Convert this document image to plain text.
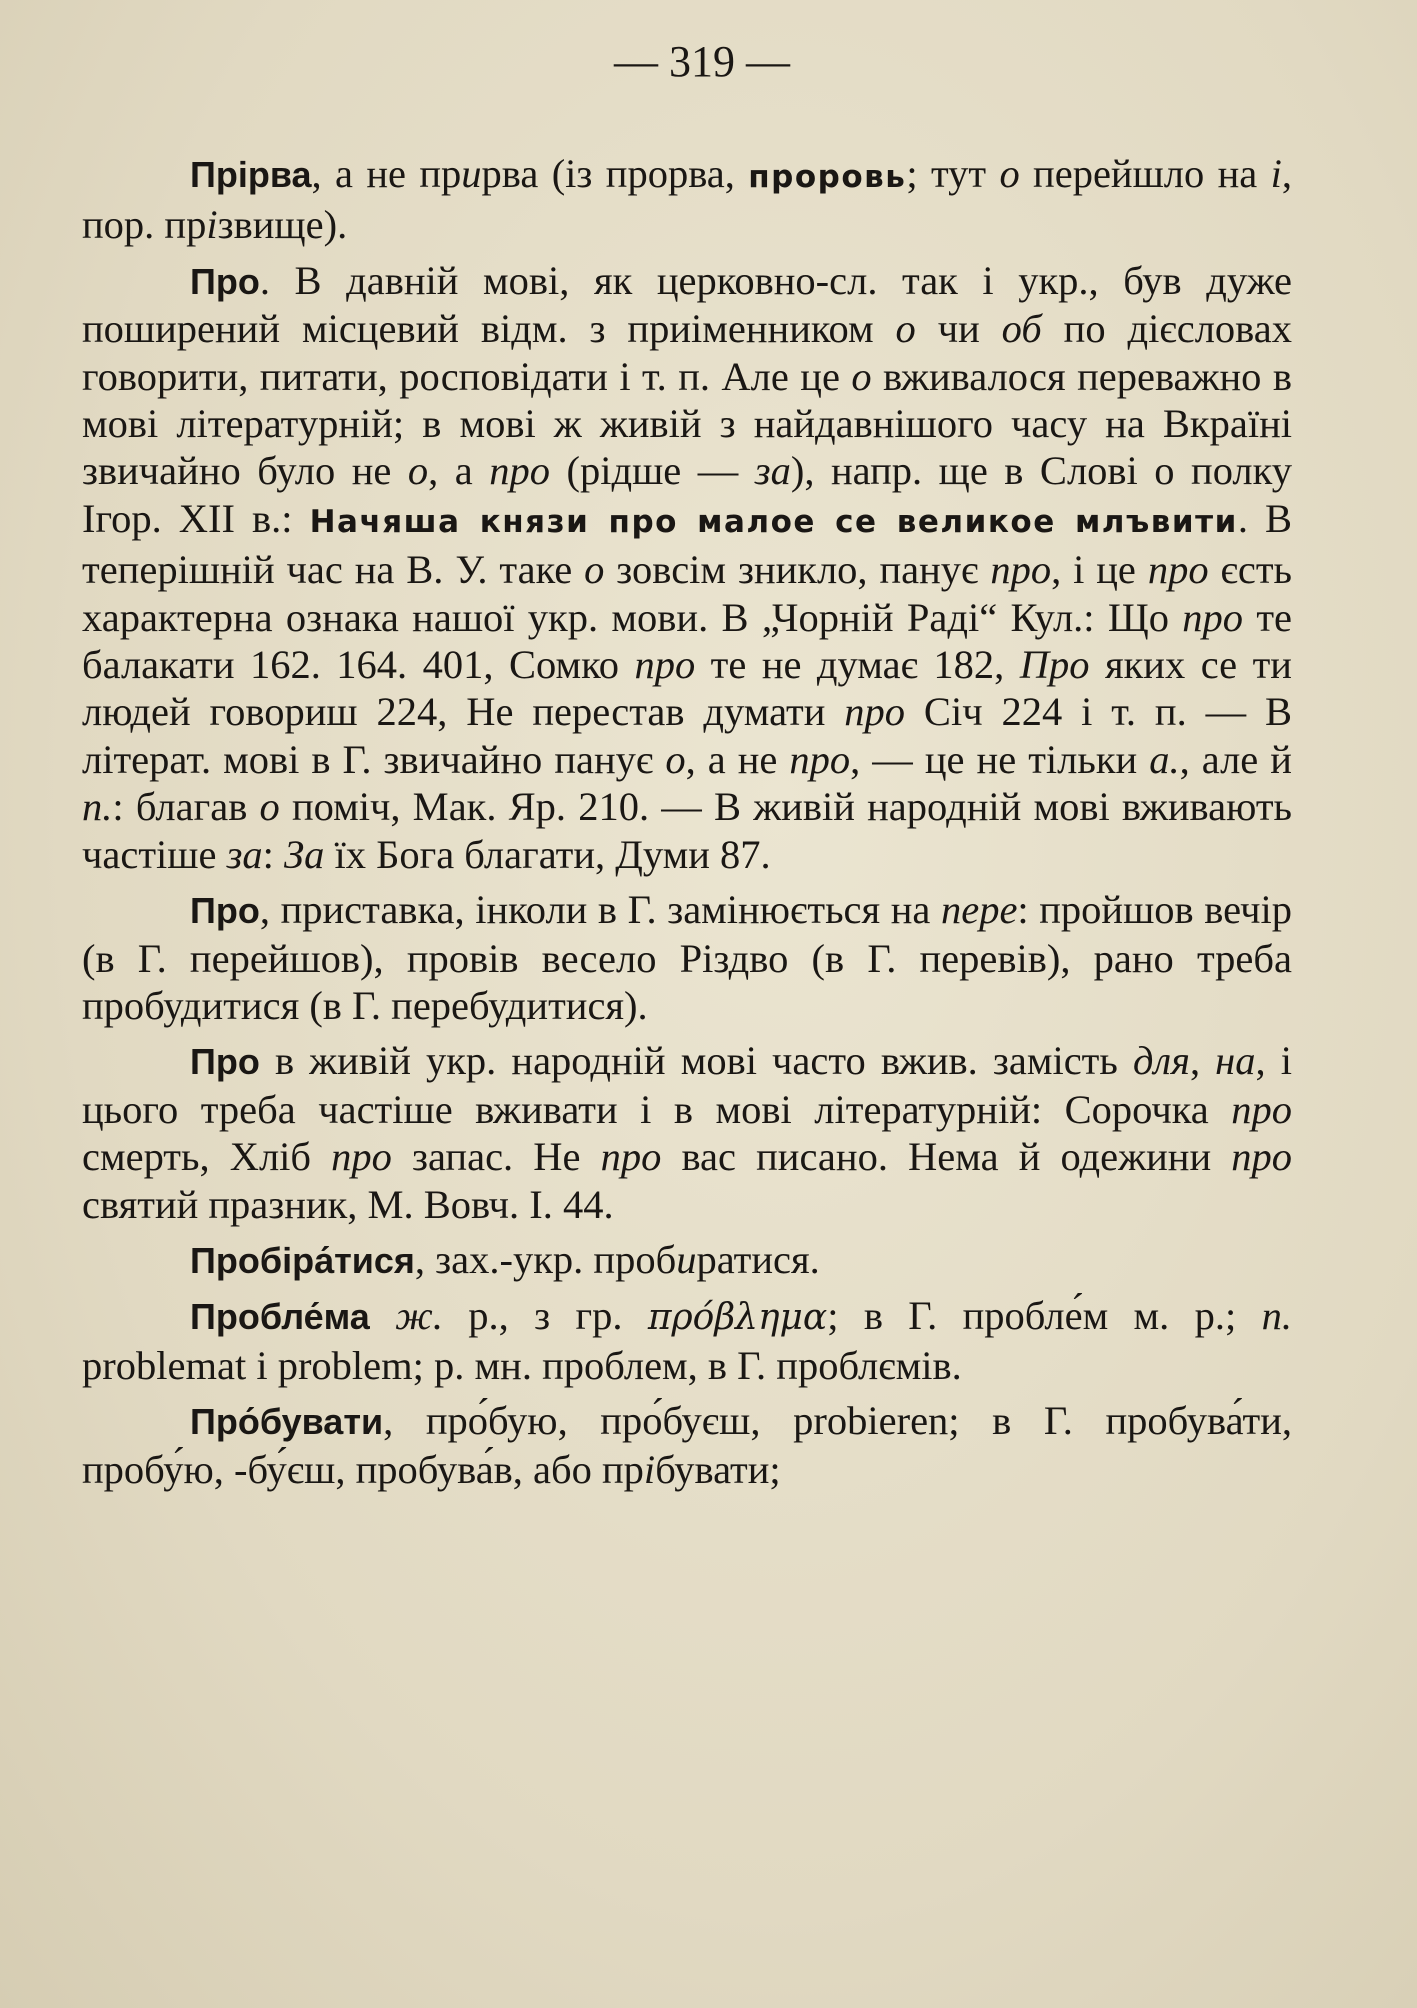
— 319 —

Прірва, а не прирва (із прорва, проровь; тут о перейшло на і, пор. прізвище).

Про. В давній мові, як церковно-сл. так і укр., був дуже поширений місцевий відм. з приіменником о чи об по дієсловах говорити, питати, росповідати і т. п. Але це о вживалося переважно в мові літературній; в мові ж живій з найдавнішого часу на Вкраїні звичайно було не о, а про (рідше — за), напр. ще в Слові о полку Ігор. XII в.: Начяша князи про малое се великое млъвити. В теперішній час на В. У. таке о зовсім зникло, панує про, і це про єсть характерна ознака нашої укр. мови. В „Чорній Раді“ Кул.: Що про те балакати 162. 164. 401, Сомко про те не думає 182, Про яких се ти людей говориш 224, Не перестав думати про Січ 224 і т. п. — В літерат. мові в Г. звичайно панує о, а не про, — це не тільки а., але й п.: благав о поміч, Мак. Яр. 210. — В живій народній мові вживають частіше за: За їх Бога благати, Думи 87.

Про, приставка, інколи в Г. замінюється на пере: пройшов вечір (в Г. перейшов), провів весело Різдво (в Г. перевів), рано треба пробудитися (в Г. перебудитися).

Про в живій укр. народній мові часто вжив. замість для, на, і цього треба частіше вживати і в мові літературній: Сорочка про смерть, Хліб про запас. Не про вас писано. Нема й одежини про святий празник, М. Вовч. І. 44.

Пробіра́тися, зах.-укр. пробиратися.

Пробле́ма ж. р., з гр. πρόβλημα; в Г. пробле́м м. р.; п. problemat і problem; р. мн. проблем, в Г. проблємів.

Про́бувати, про́бую, про́буєш, probieren; в Г. пробува́ти, пробу́ю, -бу́єш, пробува́в, або прібувати;
